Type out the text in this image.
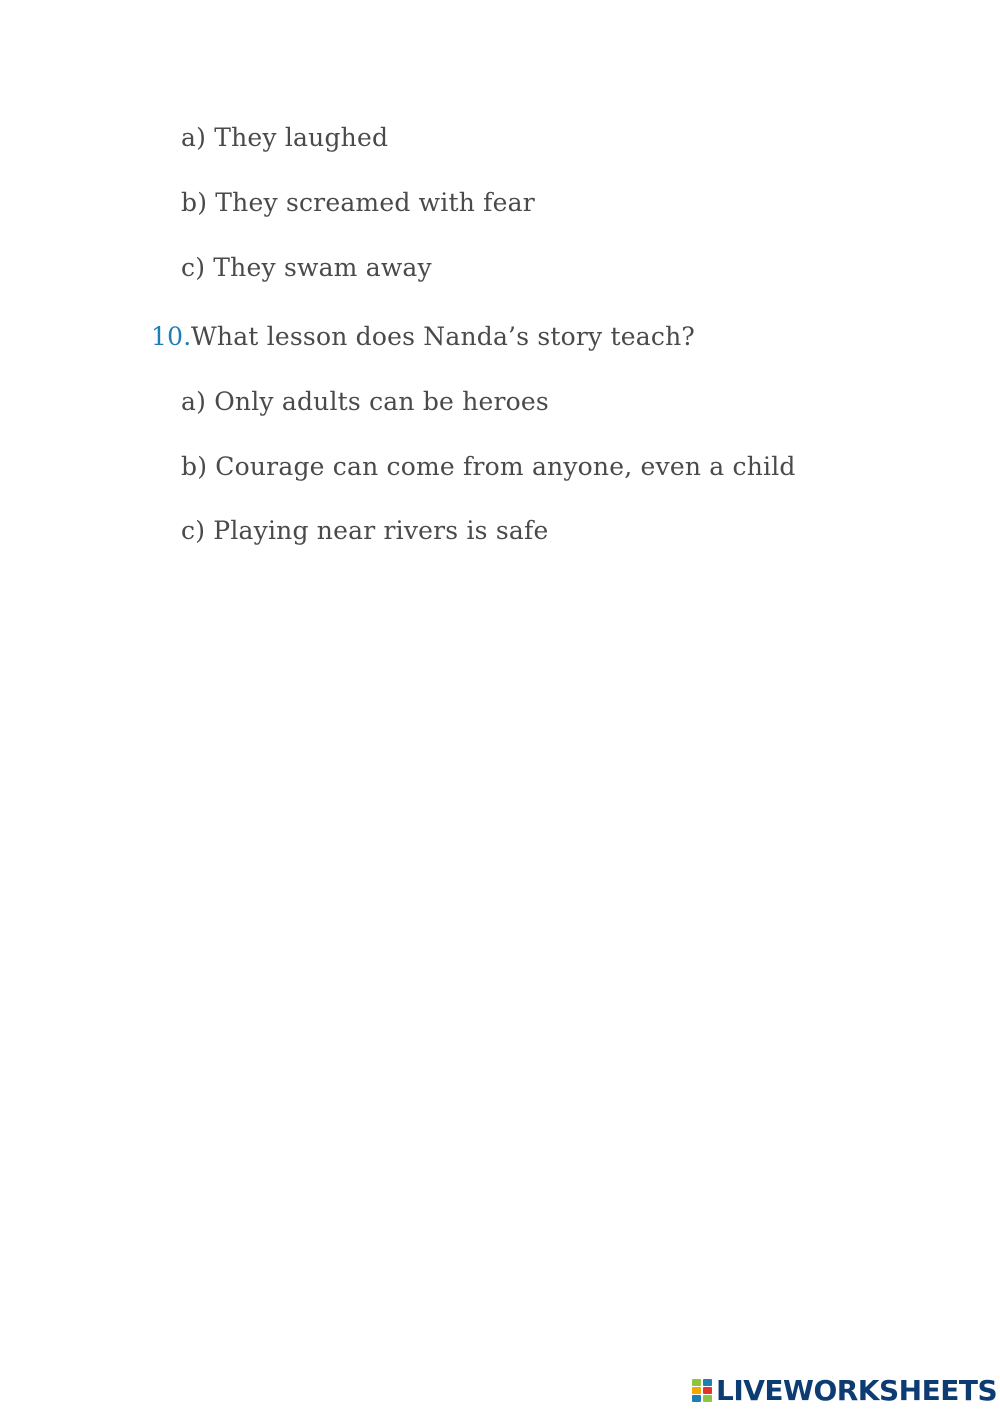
a) They laughed
b) They screamed with fear
c) They swam away
10.What lesson does Nanda’s story teach?
a) Only adults can be heroes
b) Courage can come from anyone, even a child
c) Playing near rivers is safe
LIVEWORKSHEETS
